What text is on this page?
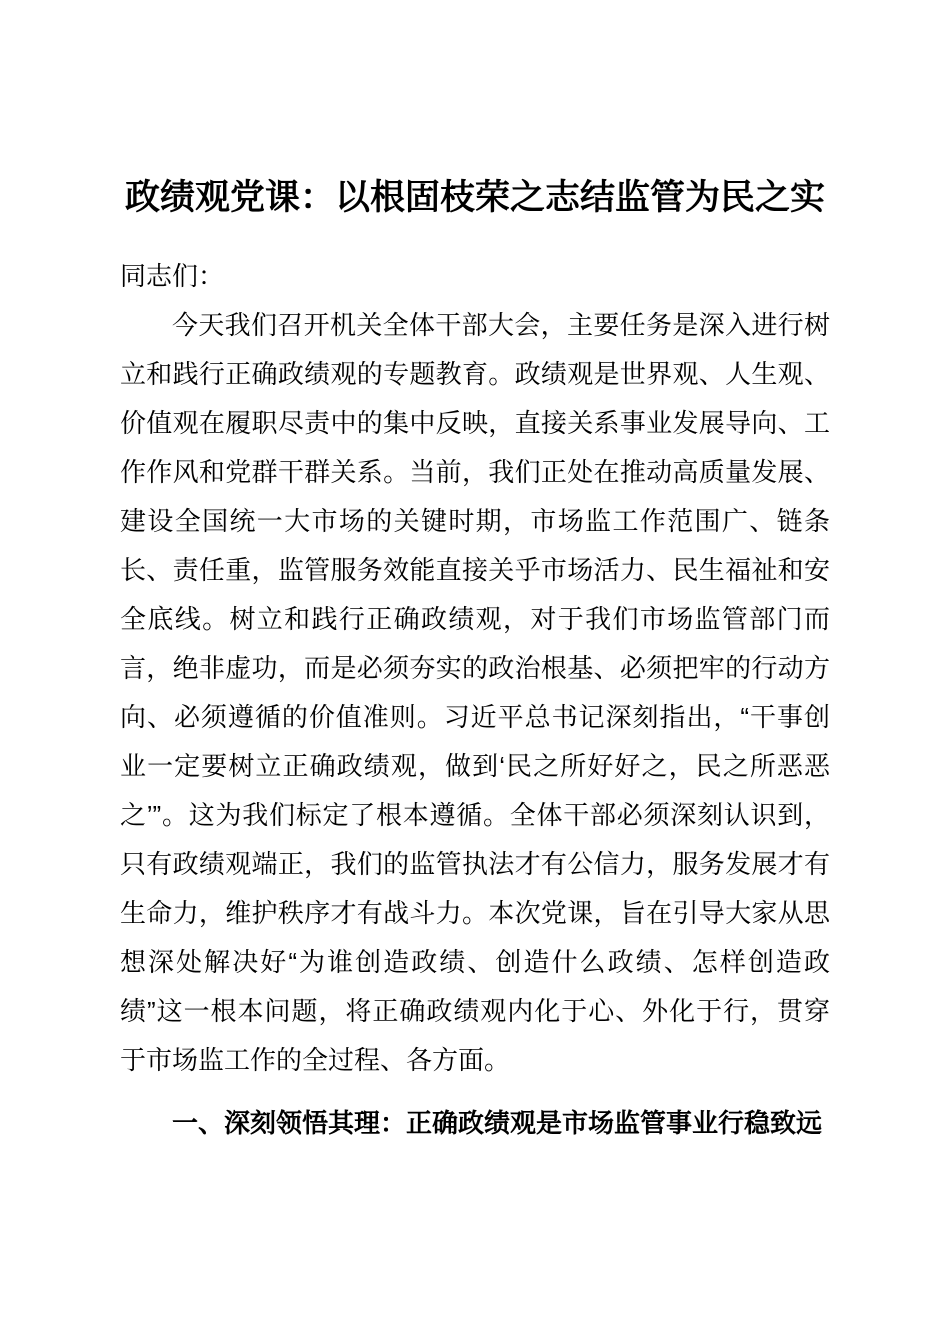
政绩观党课：以根固枝荣之志结监管为民之实

同志们：

今天我们召开机关全体干部大会，主要任务是深入进行树立和践行正确政绩观的专题教育。政绩观是世界观、人生观、价值观在履职尽责中的集中反映，直接关系事业发展导向、工作作风和党群干群关系。当前，我们正处在推动高质量发展、建设全国统一大市场的关键时期，市场监工作范围广、链条长、责任重，监管服务效能直接关乎市场活力、民生福祉和安全底线。树立和践行正确政绩观，对于我们市场监管部门而言，绝非虚功，而是必须夯实的政治根基、必须把牢的行动方向、必须遵循的价值准则。习近平总书记深刻指出，“干事创业一定要树立正确政绩观，做到‘民之所好好之，民之所恶恶之’”。这为我们标定了根本遵循。全体干部必须深刻认识到，只有政绩观端正，我们的监管执法才有公信力，服务发展才有生命力，维护秩序才有战斗力。本次党课，旨在引导大家从思想深处解决好“为谁创造政绩、创造什么政绩、怎样创造政绩”这一根本问题，将正确政绩观内化于心、外化于行，贯穿于市场监工作的全过程、各方面。

一、深刻领悟其理：正确政绩观是市场监管事业行稳致远
